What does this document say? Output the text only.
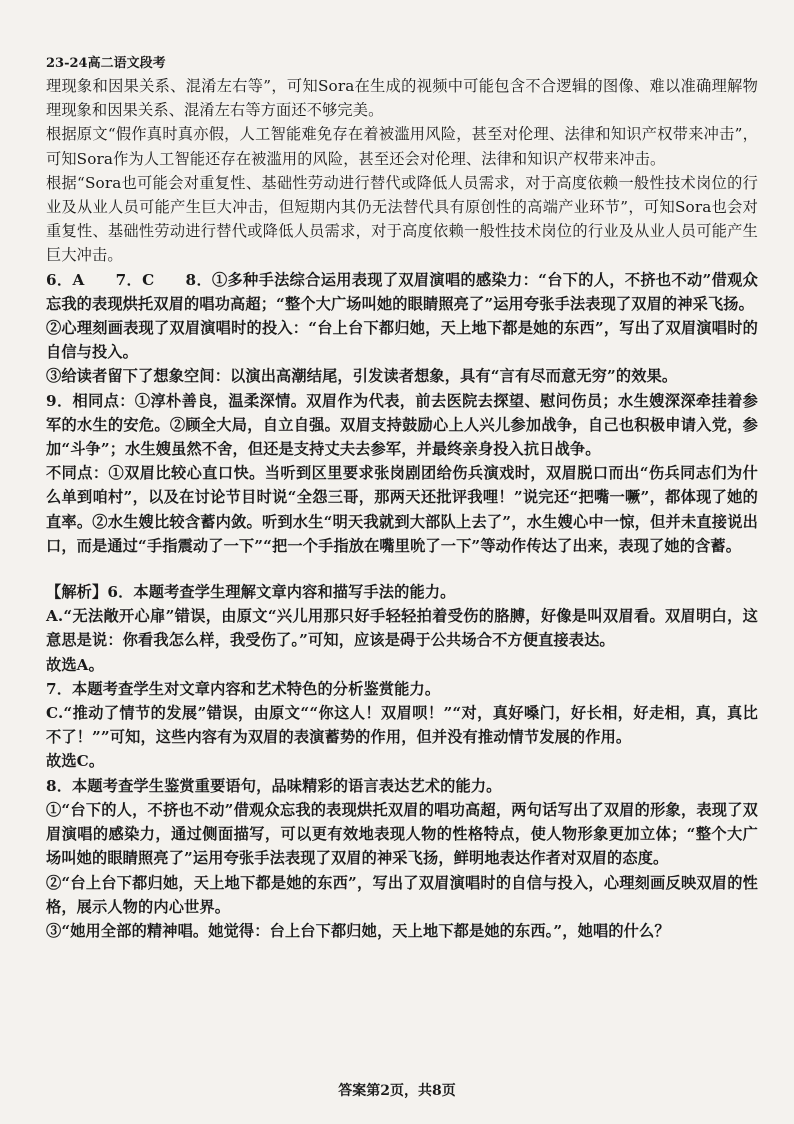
23-24高二语文段考

理现象和因果关系、混淆左右等”，可知Sora在生成的视频中可能包含不合逻辑的图像、难以准确理解物理现象和因果关系、混淆左右等方面还不够完美。

根据原文“假作真时真亦假，人工智能难免存在着被滥用风险，甚至对伦理、法律和知识产权带来冲击”，可知Sora作为人工智能还存在被滥用的风险，甚至还会对伦理、法律和知识产权带来冲击。

根据“Sora也可能会对重复性、基础性劳动进行替代或降低人员需求，对于高度依赖一般性技术岗位的行业及从业人员可能产生巨大冲击，但短期内其仍无法替代具有原创性的高端产业环节”，可知Sora也会对重复性、基础性劳动进行替代或降低人员需求，对于高度依赖一般性技术岗位的行业及从业人员可能产生巨大冲击。

6．A　　7．C　　8．①多种手法综合运用表现了双眉演唱的感染力：“台下的人，不挤也不动”借观众忘我的表现烘托双眉的唱功高超；“整个大广场叫她的眼睛照亮了”运用夸张手法表现了双眉的神采飞扬。

②心理刻画表现了双眉演唱时的投入：“台上台下都归她，天上地下都是她的东西”，写出了双眉演唱时的自信与投入。

③给读者留下了想象空间：以演出高潮结尾，引发读者想象，具有“言有尽而意无穷”的效果。

9．相同点：①淳朴善良，温柔深情。双眉作为代表，前去医院去探望、慰问伤员；水生嫂深深牵挂着参军的水生的安危。②顾全大局，自立自强。双眉支持鼓励心上人兴儿参加战争，自己也积极申请入党，参加“斗争”；水生嫂虽然不舍，但还是支持丈夫去参军，并最终亲身投入抗日战争。

不同点：①双眉比较心直口快。当听到区里要求张岗剧团给伤兵演戏时，双眉脱口而出“伤兵同志们为什么单到咱村”，以及在讨论节目时说“全怨三哥，那两天还批评我哩！”说完还“把嘴一噘”，都体现了她的直率。②水生嫂比较含蓄内敛。听到水生“明天我就到大部队上去了”，水生嫂心中一惊，但并未直接说出口，而是通过“手指震动了一下”“把一个手指放在嘴里吮了一下”等动作传达了出来，表现了她的含蓄。

【解析】6．本题考查学生理解文章内容和描写手法的能力。

A.“无法敞开心扉”错误，由原文“兴儿用那只好手轻轻拍着受伤的胳膊，好像是叫双眉看。双眉明白，这意思是说：你看我怎么样，我受伤了。”可知，应该是碍于公共场合不方便直接表达。

故选A。

7．本题考查学生对文章内容和艺术特色的分析鉴赏能力。

C.“推动了情节的发展”错误，由原文““你这人！双眉呗！”“对，真好嗓门，好长相，好走相，真，真比不了！””可知，这些内容有为双眉的表演蓄势的作用，但并没有推动情节发展的作用。

故选C。

8．本题考查学生鉴赏重要语句，品味精彩的语言表达艺术的能力。

①“台下的人，不挤也不动”借观众忘我的表现烘托双眉的唱功高超，两句话写出了双眉的形象，表现了双眉演唱的感染力，通过侧面描写，可以更有效地表现人物的性格特点，使人物形象更加立体；“整个大广场叫她的眼睛照亮了”运用夸张手法表现了双眉的神采飞扬，鲜明地表达作者对双眉的态度。

②“台上台下都归她，天上地下都是她的东西”，写出了双眉演唱时的自信与投入，心理刻画反映双眉的性格，展示人物的内心世界。

③“她用全部的精神唱。她觉得：台上台下都归她，天上地下都是她的东西。”，她唱的什么？

答案第2页，共8页
